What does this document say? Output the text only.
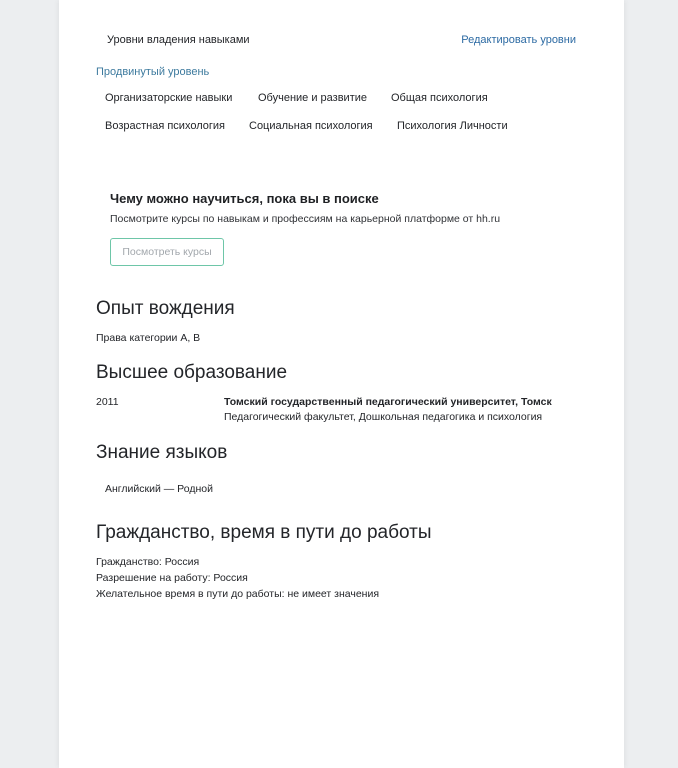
Уровни владения навыками	Редактировать уровни
Продвинутый уровень
Организаторские навыки	Обучение и развитие	Общая психология
Возрастная психология	Социальная психология	Психология Личности
Чему можно научиться, пока вы в поиске
Посмотрите курсы по навыкам и профессиям на карьерной платформе от hh.ru
Посмотреть курсы
Опыт вождения
Права категории A, B
Высшее образование
2011	Томский государственный педагогический университет, Томск
Педагогический факультет, Дошкольная педагогика и психология
Знание языков
Английский — Родной
Гражданство, время в пути до работы
Гражданство: Россия
Разрешение на работу: Россия
Желательное время в пути до работы: не имеет значения
